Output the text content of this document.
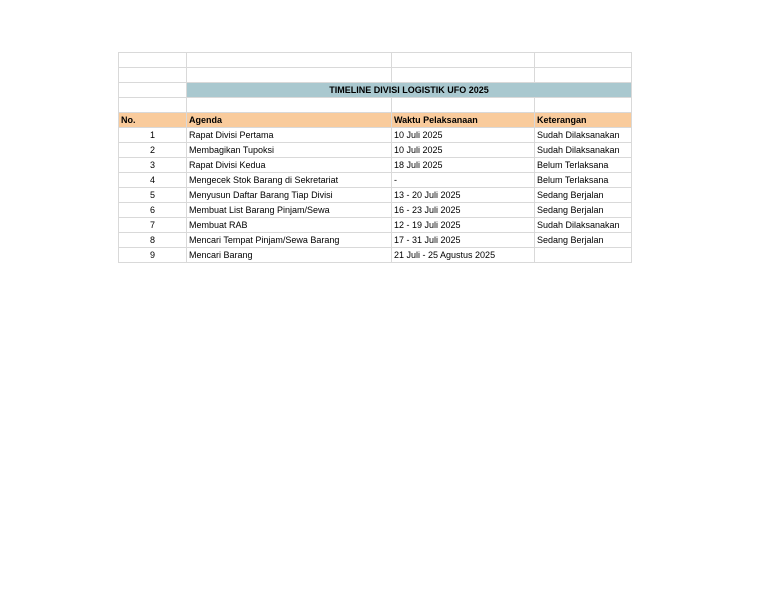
	TIMELINE DIVISI LOGISTIK UFO 2025		

No.	Agenda	Waktu Pelaksanaan	Keterangan
1	Rapat Divisi Pertama	10 Juli 2025	Sudah Dilaksanakan
2	Membagikan Tupoksi	10 Juli 2025	Sudah Dilaksanakan
3	Rapat Divisi Kedua	18 Juli 2025	Belum Terlaksana
4	Mengecek Stok Barang di Sekretariat	-	Belum Terlaksana
5	Menyusun Daftar Barang Tiap Divisi	13 - 20 Juli 2025	Sedang Berjalan
6	Membuat List Barang Pinjam/Sewa	16 - 23 Juli 2025	Sedang Berjalan
7	Membuat RAB	12 - 19 Juli 2025	Sudah Dilaksanakan
8	Mencari Tempat Pinjam/Sewa Barang	17 - 31 Juli 2025	Sedang Berjalan
9	Mencari Barang	21 Juli - 25 Agustus 2025	
